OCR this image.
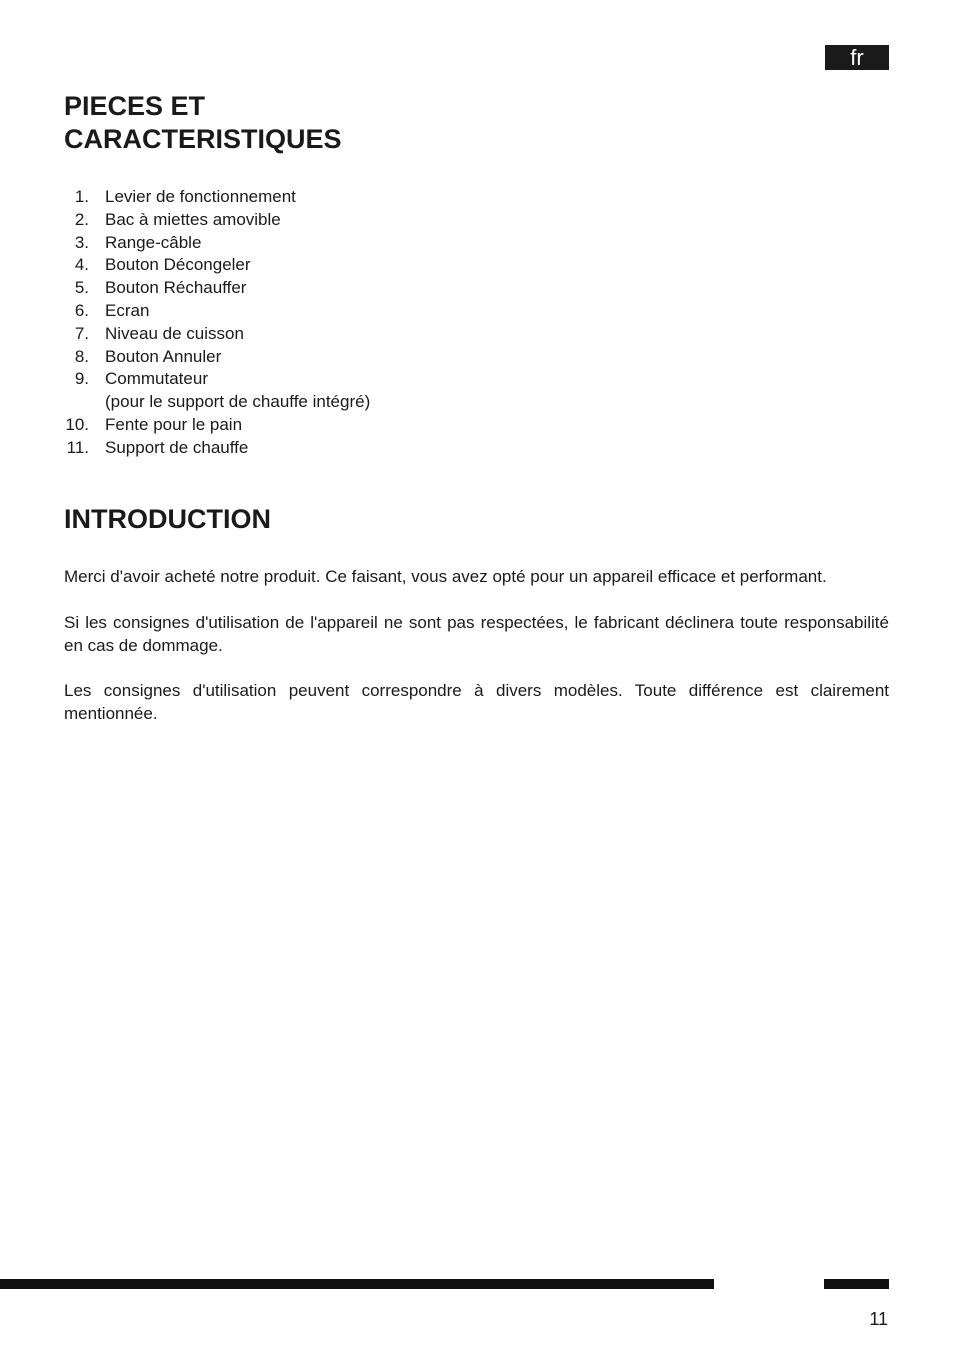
fr
PIECES ET CARACTERISTIQUES
1. Levier de fonctionnement
2. Bac à miettes amovible
3. Range-câble
4. Bouton Décongeler
5. Bouton Réchauffer
6. Ecran
7. Niveau de cuisson
8. Bouton Annuler
9. Commutateur
(pour le support de chauffe intégré)
10. Fente pour le pain
11. Support de chauffe
INTRODUCTION

Merci d'avoir acheté notre produit. Ce faisant, vous avez opté pour un appareil efficace et performant.

Si les consignes d'utilisation de l'appareil ne sont pas respectées, le fabricant déclinera toute responsabilité en cas de dommage.

Les consignes d'utilisation peuvent correspondre à divers modèles. Toute différence est clairement mentionnée.

11
